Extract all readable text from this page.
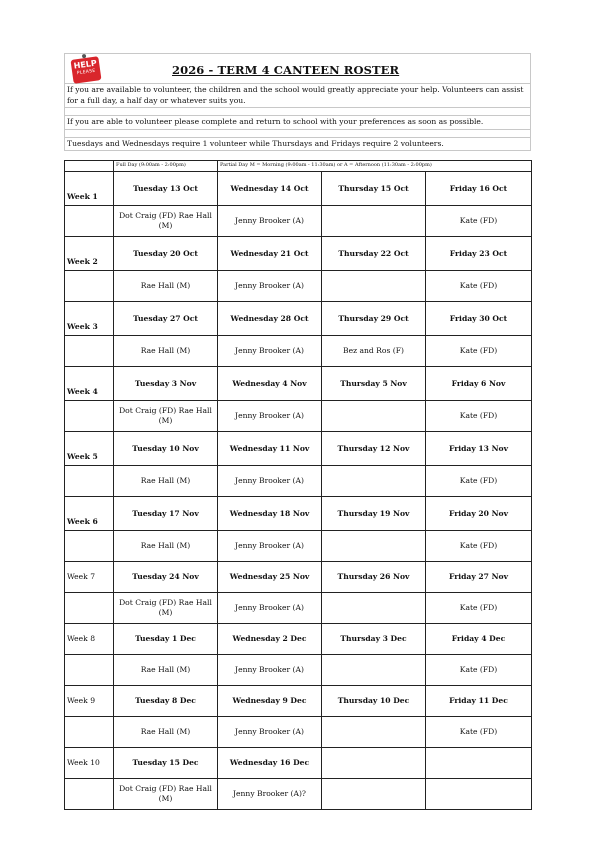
HELP
PLEASE	2026 - TERM 4 CANTEEN ROSTER
If you are available to volunteer, the children and the school would greatly appreciate your help. Volunteers can assist for a full day, a half day or whatever suits you.
If you are able to volunteer please complete and return to school with your preferences as soon as possible.
Tuesdays and Wednesdays require 1 volunteer while Thursdays and Fridays require 2 volunteers.
	Full Day (9:00am - 2:00pm)	Partial Day M = Morning (9:00am - 11:30am) or A = Afternoon (11:30am - 2:00pm)		
Week 1	Tuesday 13 Oct	Wednesday 14 Oct	Thursday 15 Oct	Friday 16 Oct
	Dot Craig (FD) Rae Hall (M)	Jenny Brooker (A)		Kate (FD)
Week 2	Tuesday 20 Oct	Wednesday 21 Oct	Thursday 22 Oct	Friday 23 Oct
	Rae Hall (M)	Jenny Brooker (A)		Kate (FD)
Week 3	Tuesday 27 Oct	Wednesday 28 Oct	Thursday 29 Oct	Friday 30 Oct
	Rae Hall (M)	Jenny Brooker (A)	Bez and Ros (F)	Kate (FD)
Week 4	Tuesday 3 Nov	Wednesday 4 Nov	Thursday 5 Nov	Friday 6 Nov
	Dot Craig (FD) Rae Hall (M)	Jenny Brooker (A)		Kate (FD)
Week 5	Tuesday 10 Nov	Wednesday 11 Nov	Thursday 12 Nov	Friday 13 Nov
	Rae Hall (M)	Jenny Brooker (A)		Kate (FD)
Week 6	Tuesday 17 Nov	Wednesday 18 Nov	Thursday 19 Nov	Friday 20 Nov
	Rae Hall (M)	Jenny Brooker (A)		Kate (FD)
Week 7	Tuesday 24 Nov	Wednesday 25 Nov	Thursday 26 Nov	Friday 27 Nov
	Dot Craig (FD) Rae Hall (M)	Jenny Brooker (A)		Kate (FD)
Week 8	Tuesday 1 Dec	Wednesday 2 Dec	Thursday 3 Dec	Friday 4 Dec
	Rae Hall (M)	Jenny Brooker (A)		Kate (FD)
Week 9	Tuesday 8 Dec	Wednesday 9 Dec	Thursday 10 Dec	Friday 11 Dec
	Rae Hall (M)	Jenny Brooker (A)		Kate (FD)
Week 10	Tuesday 15 Dec	Wednesday 16 Dec		
	Dot Craig (FD) Rae Hall (M)	Jenny Brooker (A)?		
